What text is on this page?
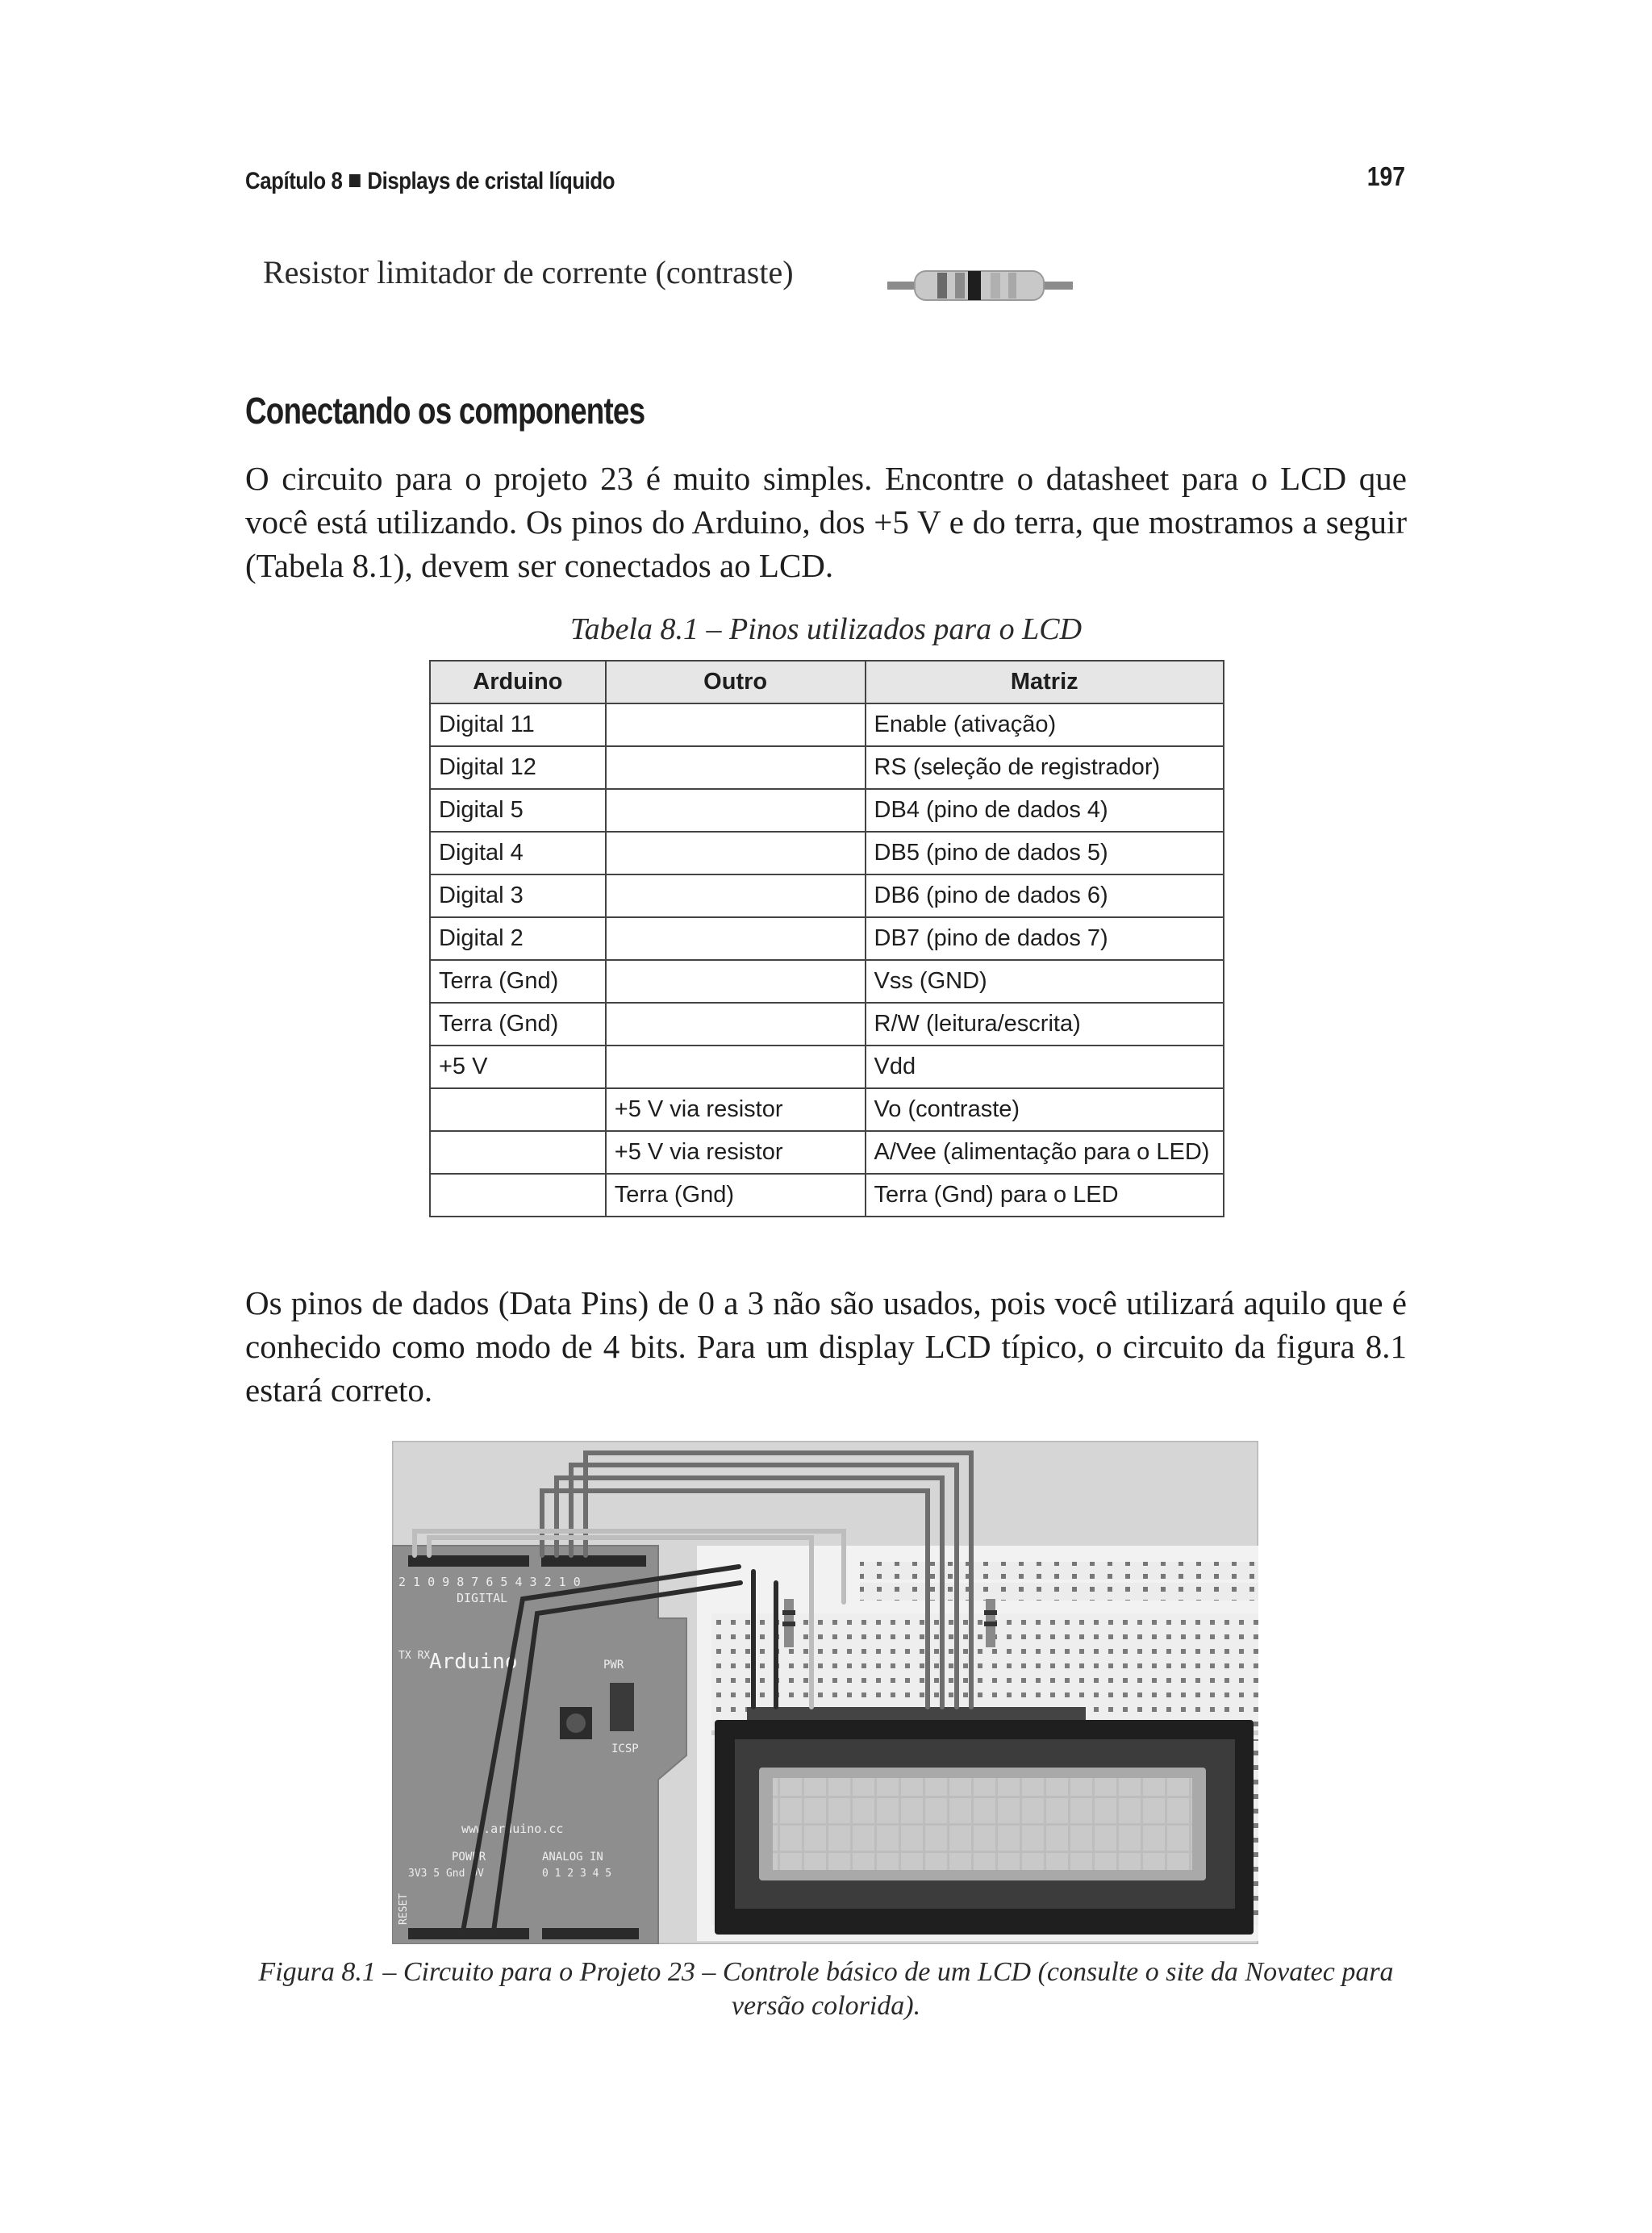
Capítulo 8 Displays de cristal líquido	197
Resistor limitador de corrente (contraste)
Conectando os componentes
O circuito para o projeto 23 é muito simples. Encontre o datasheet para o LCD que você está utilizando. Os pinos do Arduino, dos +5 V e do terra, que mostramos a seguir (Tabela 8.1), devem ser conectados ao LCD.
Tabela 8.1 – Pinos utilizados para o LCD
Arduino	Outro	Matriz
Digital 11		Enable (ativação)
Digital 12		RS (seleção de registrador)
Digital 5		DB4 (pino de dados 4)
Digital 4		DB5 (pino de dados 5)
Digital 3		DB6 (pino de dados 6)
Digital 2		DB7 (pino de dados 7)
Terra (Gnd)		Vss (GND)
Terra (Gnd)		R/W (leitura/escrita)
+5 V		Vdd
	+5 V via resistor	Vo (contraste)
	+5 V via resistor	A/Vee (alimentação para o LED)
	Terra (Gnd)	Terra (Gnd) para o LED
Os pinos de dados (Data Pins) de 0 a 3 não são usados, pois você utilizará aquilo que é conhecido como modo de 4 bits. Para um display LCD típico, o circuito da figura 8.1 estará correto.
2 1 0 9 8 7 6 5 4 3 2 1 0
DIGITAL
TX RX
Arduino	PWR
ICSP
www.arduino.cc
POWER	ANALOG IN
3V3 5 Gnd 9V	0 1 2 3 4 5
RESET
Figura 8.1 – Circuito para o Projeto 23 – Controle básico de um LCD (consulte o site da Novatec para versão colorida).
